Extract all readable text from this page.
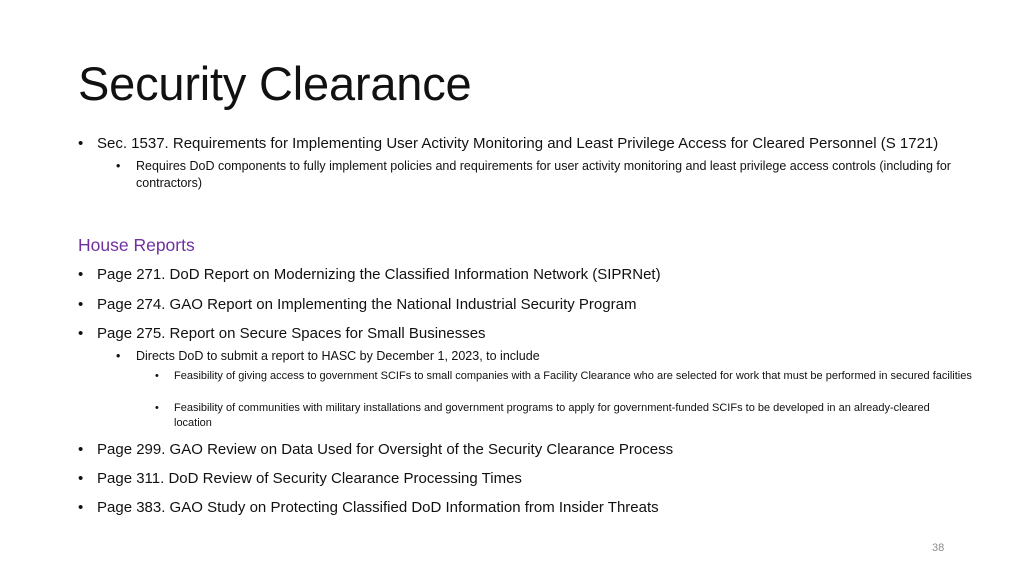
Security Clearance
• Sec. 1537. Requirements for Implementing User Activity Monitoring and Least Privilege Access for Cleared Personnel (S 1721)
• Requires DoD components to fully implement policies and requirements for user activity monitoring and least privilege access controls (including for contractors)
House Reports
• Page 271. DoD Report on Modernizing the Classified Information Network (SIPRNet)
• Page 274. GAO Report on Implementing the National Industrial Security Program
• Page 275. Report on Secure Spaces for Small Businesses
• Directs DoD to submit a report to HASC by December 1, 2023, to include
• Feasibility of giving access to government SCIFs to small companies with a Facility Clearance who are selected for work that must be performed in secured facilities
• Feasibility of communities with military installations and government programs to apply for government-funded SCIFs to be developed in an already-cleared location
• Page 299. GAO Review on Data Used for Oversight of the Security Clearance Process
• Page 311. DoD Review of Security Clearance Processing Times
• Page 383. GAO Study on Protecting Classified DoD Information from Insider Threats
38
